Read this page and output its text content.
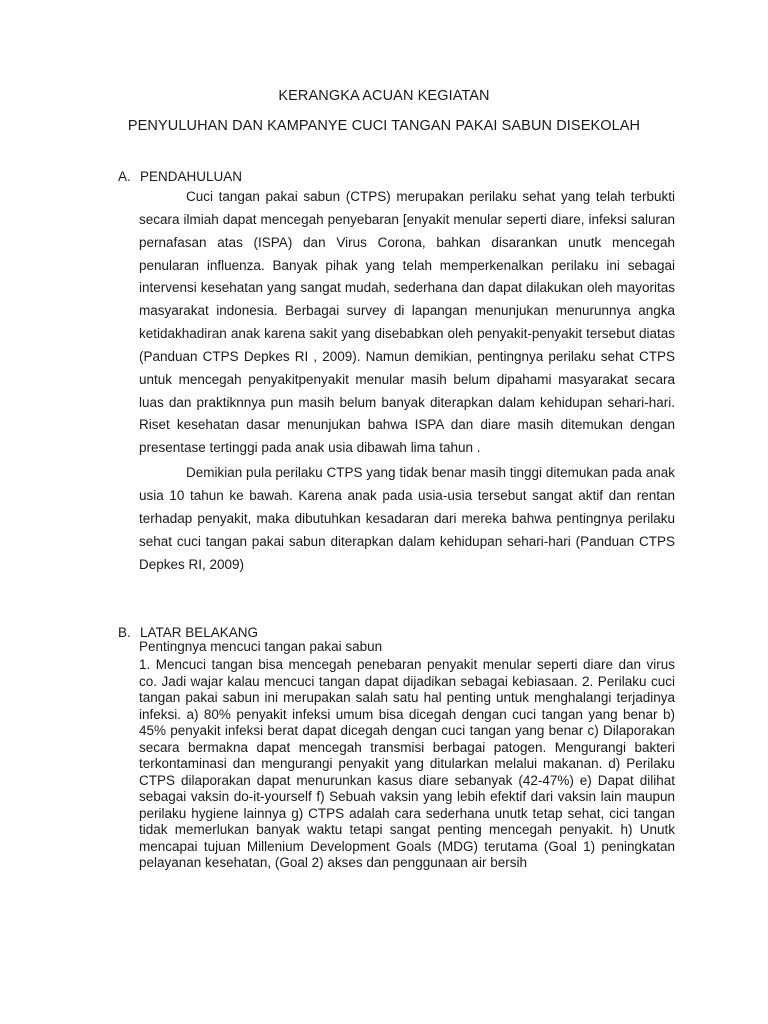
KERANGKA ACUAN KEGIATAN
PENYULUHAN DAN KAMPANYE CUCI TANGAN PAKAI SABUN DISEKOLAH
A. PENDAHULUAN

Cuci tangan pakai sabun (CTPS) merupakan perilaku sehat yang telah terbukti secara ilmiah dapat mencegah penyebaran [enyakit menular seperti diare, infeksi saluran pernafasan atas (ISPA) dan Virus Corona, bahkan disarankan unutk mencegah penularan influenza. Banyak pihak yang telah memperkenalkan perilaku ini sebagai intervensi kesehatan yang sangat mudah, sederhana dan dapat dilakukan oleh mayoritas masyarakat indonesia. Berbagai survey di lapangan menunjukan menurunnya angka ketidakhadiran anak karena sakit yang disebabkan oleh penyakit-penyakit tersebut diatas (Panduan CTPS Depkes RI , 2009). Namun demikian, pentingnya perilaku sehat CTPS untuk mencegah penyakitpenyakit menular masih belum dipahami masyarakat secara luas dan praktiknnya pun masih belum banyak diterapkan dalam kehidupan sehari-hari. Riset kesehatan dasar menunjukan bahwa ISPA dan diare masih ditemukan dengan presentase tertinggi pada anak usia dibawah lima tahun .

Demikian pula perilaku CTPS yang tidak benar masih tinggi ditemukan pada anak usia 10 tahun ke bawah. Karena anak pada usia-usia tersebut sangat aktif dan rentan terhadap penyakit, maka dibutuhkan kesadaran dari mereka bahwa pentingnya perilaku sehat cuci tangan pakai sabun diterapkan dalam kehidupan sehari-hari (Panduan CTPS Depkes RI, 2009)

B. LATAR BELAKANG
Pentingnya mencuci tangan pakai sabun

1. Mencuci tangan bisa mencegah penebaran penyakit menular seperti diare dan virus co. Jadi wajar kalau mencuci tangan dapat dijadikan sebagai kebiasaan. 2. Perilaku cuci tangan pakai sabun ini merupakan salah satu hal penting untuk menghalangi terjadinya infeksi. a) 80% penyakit infeksi umum bisa dicegah dengan cuci tangan yang benar b) 45% penyakit infeksi berat dapat dicegah dengan cuci tangan yang benar c) Dilaporakan secara bermakna dapat mencegah transmisi berbagai patogen. Mengurangi bakteri terkontaminasi dan mengurangi penyakit yang ditularkan melalui makanan. d) Perilaku CTPS dilaporakan dapat menurunkan kasus diare sebanyak (42-47%) e) Dapat dilihat sebagai vaksin do-it-yourself f) Sebuah vaksin yang lebih efektif dari vaksin lain maupun perilaku hygiene lainnya g) CTPS adalah cara sederhana unutk tetap sehat, cici tangan tidak memerlukan banyak waktu tetapi sangat penting mencegah penyakit. h) Unutk mencapai tujuan Millenium Development Goals (MDG) terutama (Goal 1) peningkatan pelayanan kesehatan, (Goal 2) akses dan penggunaan air bersih
